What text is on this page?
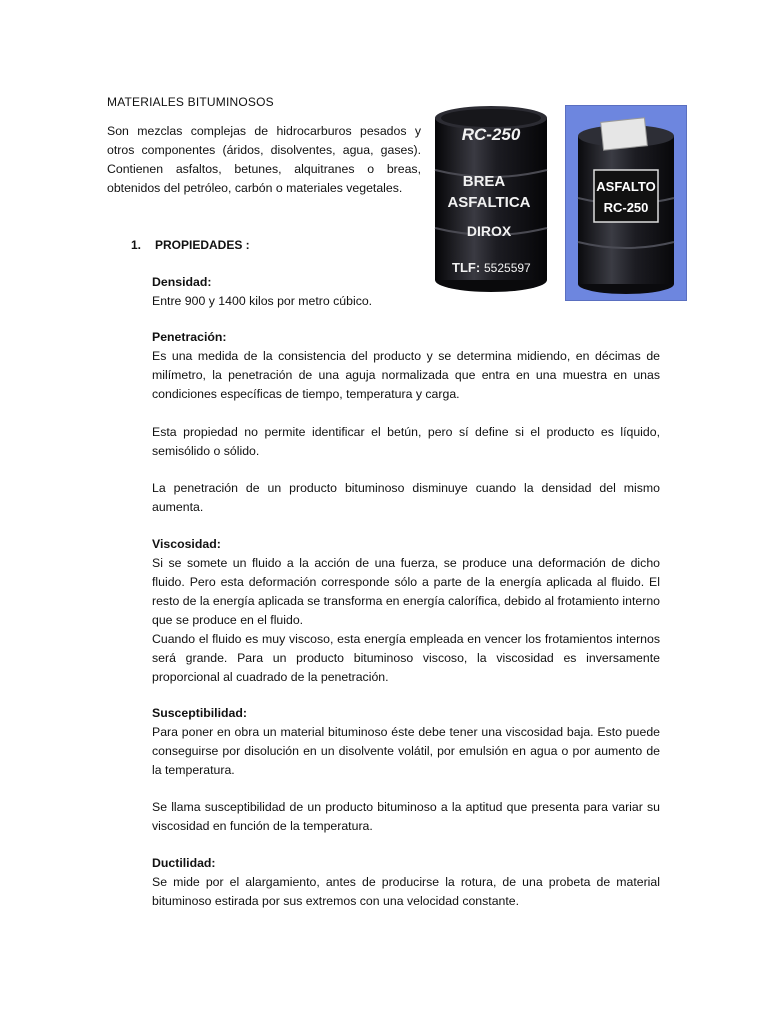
MATERIALES BITUMINOSOS
Son mezclas complejas de hidrocarburos pesados y otros componentes (áridos, disolventes, agua, gases). Contienen asfaltos, betunes, alquitranes o breas, obtenidos del petróleo, carbón o materiales vegetales.
RC-250
BREA
ASFALTICA
DIROX
TLF: 5525597
ASFALTO
RC-250
1. PROPIEDADES :

Densidad:

Entre 900 y 1400 kilos por metro cúbico.

Penetración:

Es una medida de la consistencia del producto y se determina midiendo, en décimas de milímetro, la penetración de una aguja normalizada que entra en una muestra en unas condiciones específicas de tiempo, temperatura y carga.

Esta propiedad no permite identificar el betún, pero sí define si el producto es líquido, semisólido o sólido.

La penetración de un producto bituminoso disminuye cuando la densidad del mismo aumenta.

Viscosidad:

Si se somete un fluido a la acción de una fuerza, se produce una deformación de dicho fluido. Pero esta deformación corresponde sólo a parte de la energía aplicada al fluido. El resto de la energía aplicada se transforma en energía calorífica, debido al frotamiento interno que se produce en el fluido.

Cuando el fluido es muy viscoso, esta energía empleada en vencer los frotamientos internos será grande. Para un producto bituminoso viscoso, la viscosidad es inversamente proporcional al cuadrado de la penetración.

Susceptibilidad:

Para poner en obra un material bituminoso éste debe tener una viscosidad baja. Esto puede conseguirse por disolución en un disolvente volátil, por emulsión en agua o por aumento de la temperatura.

Se llama susceptibilidad de un producto bituminoso a la aptitud que presenta para variar su viscosidad en función de la temperatura.

Ductilidad:

Se mide por el alargamiento, antes de producirse la rotura, de una probeta de material bituminoso estirada por sus extremos con una velocidad constante.
